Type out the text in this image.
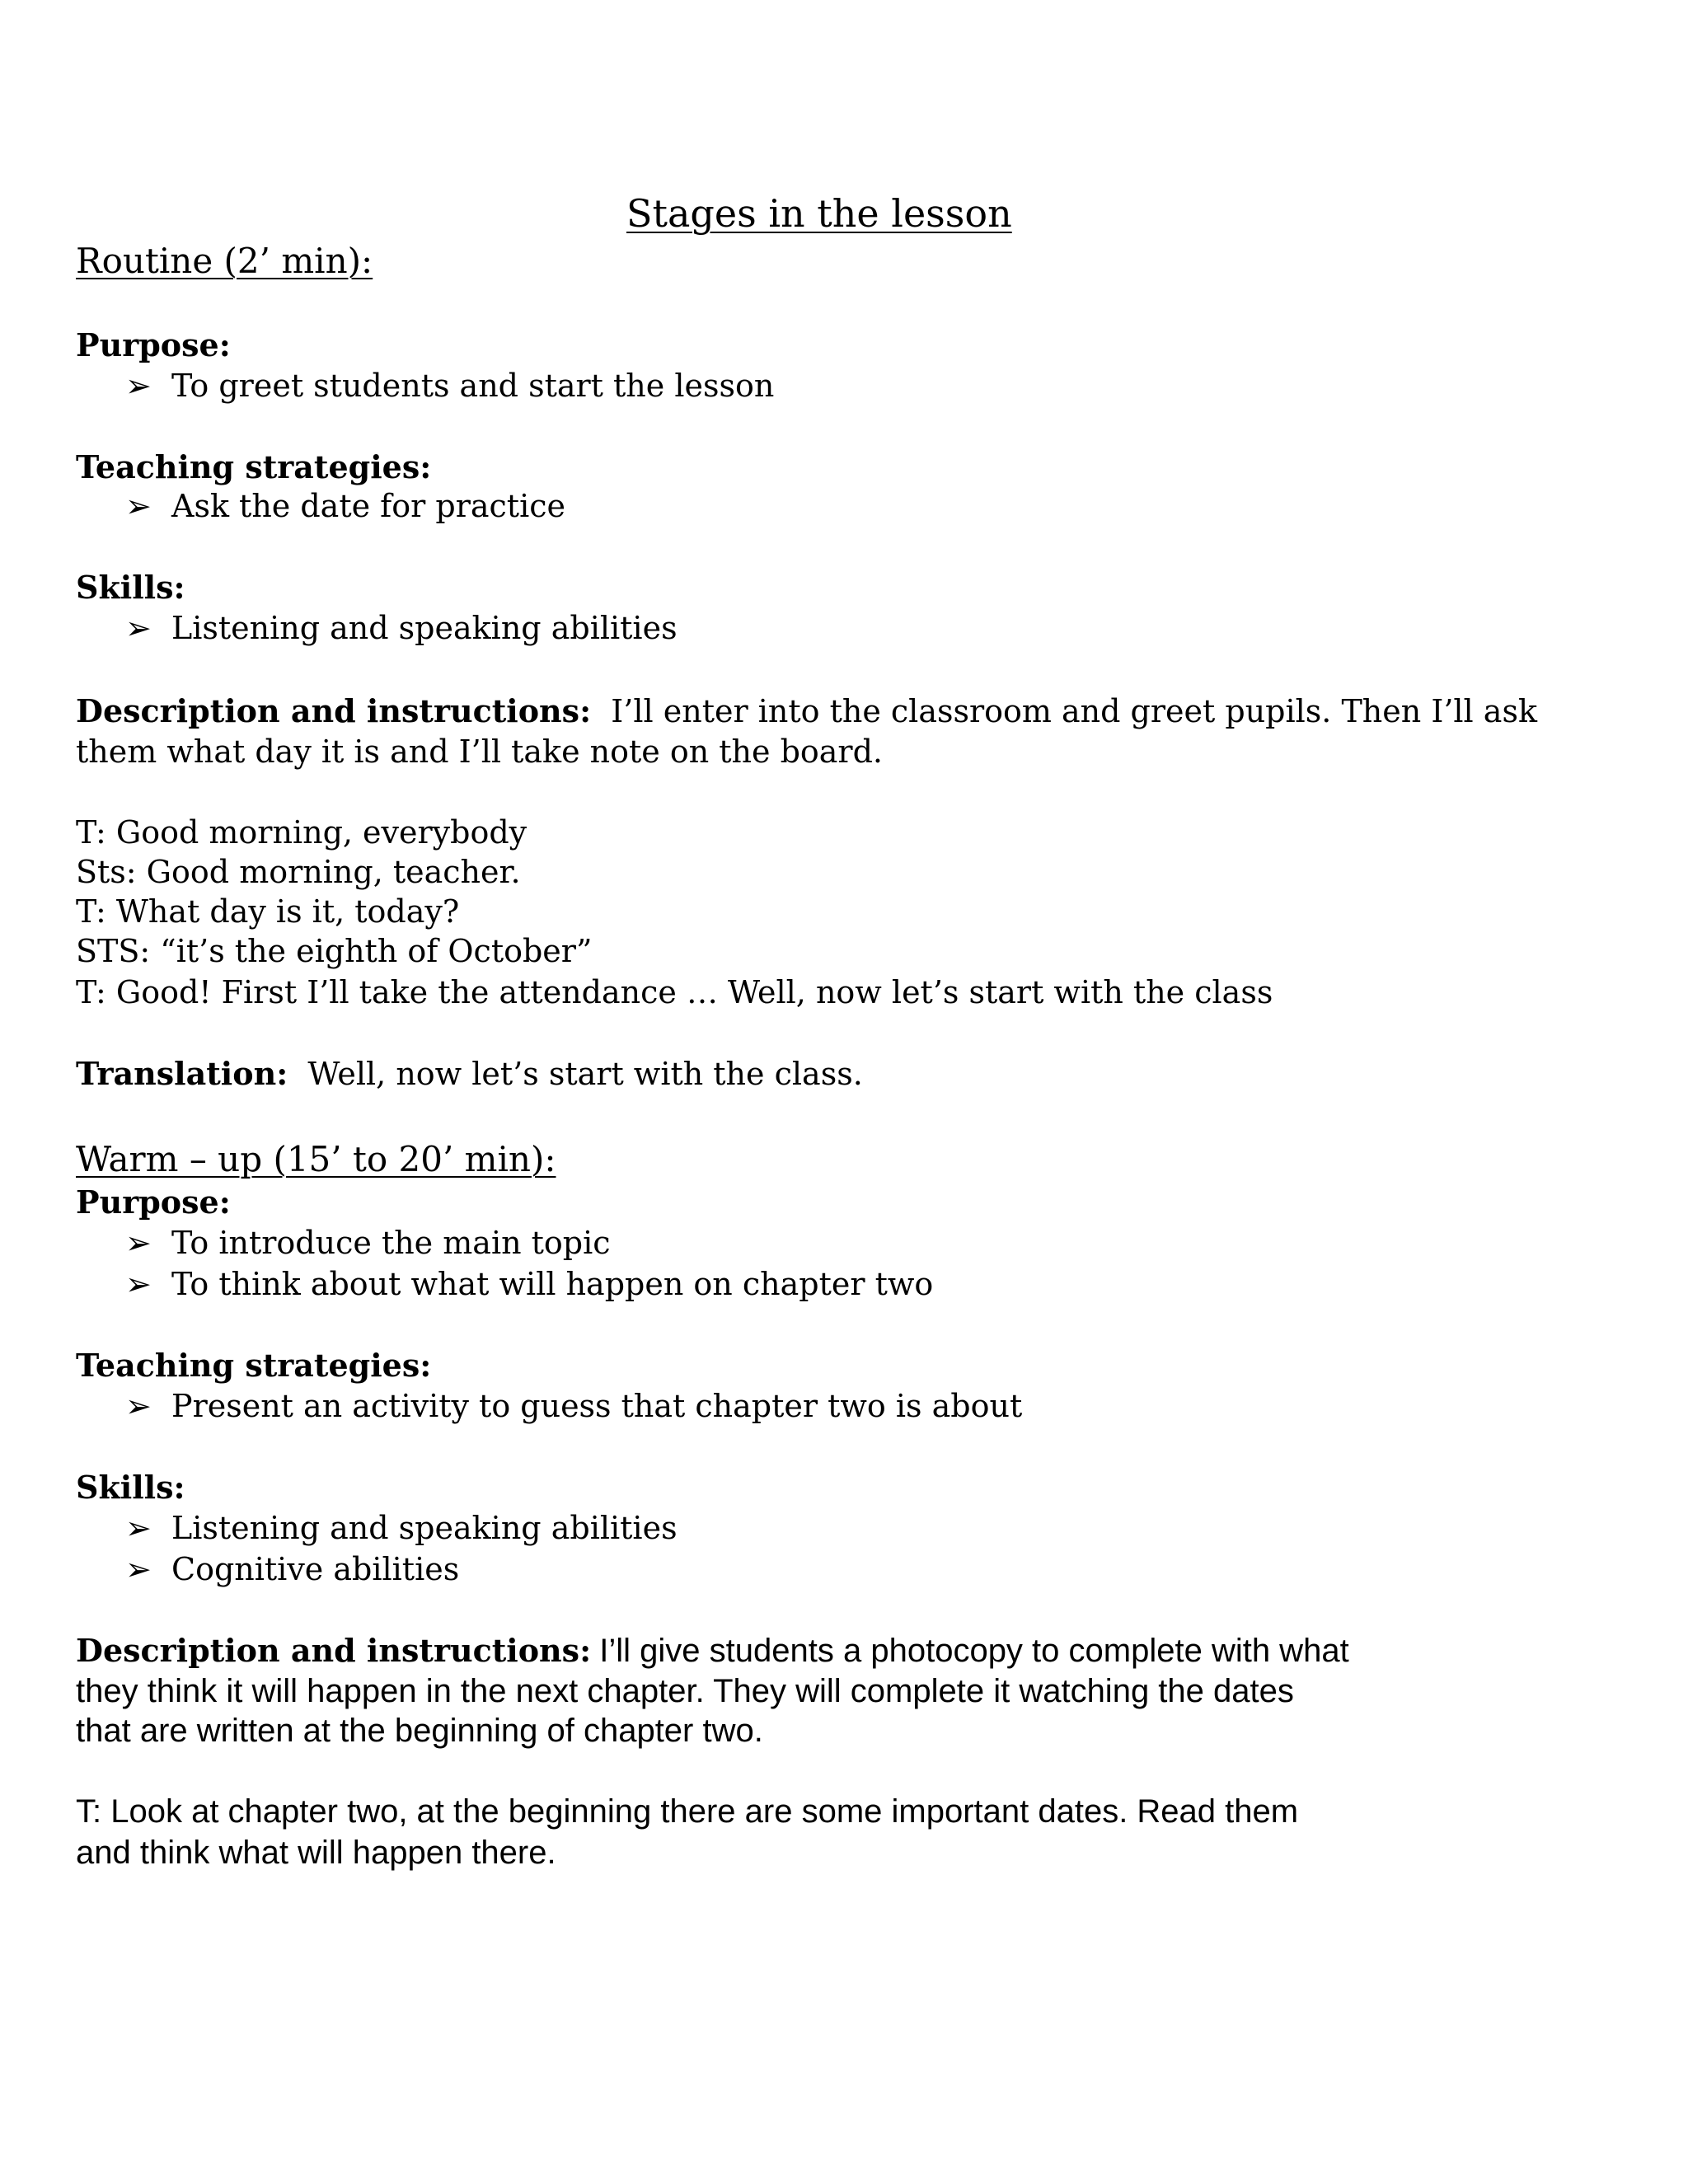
Stages in the lesson
Routine (2’ min):
Purpose:
➢ To greet students and start the lesson
Teaching strategies:
➢ Ask the date for practice
Skills:
➢ Listening and speaking abilities
Description and instructions: I’ll enter into the classroom and greet pupils. Then I’ll ask
them what day it is and I’ll take note on the board.
T: Good morning, everybody
Sts: Good morning, teacher.
T: What day is it, today?
STS: “it’s the eighth of October”
T: Good! First I’ll take the attendance … Well, now let’s start with the class
Translation: Well, now let’s start with the class.
Warm – up (15’ to 20’ min):
Purpose:
➢ To introduce the main topic
➢ To think about what will happen on chapter two
Teaching strategies:
➢ Present an activity to guess that chapter two is about
Skills:
➢ Listening and speaking abilities
➢ Cognitive abilities
Description and instructions: I’ll give students a photocopy to complete with what
they think it will happen in the next chapter. They will complete it watching the dates
that are written at the beginning of chapter two.
T: Look at chapter two, at the beginning there are some important dates. Read them
and think what will happen there.
